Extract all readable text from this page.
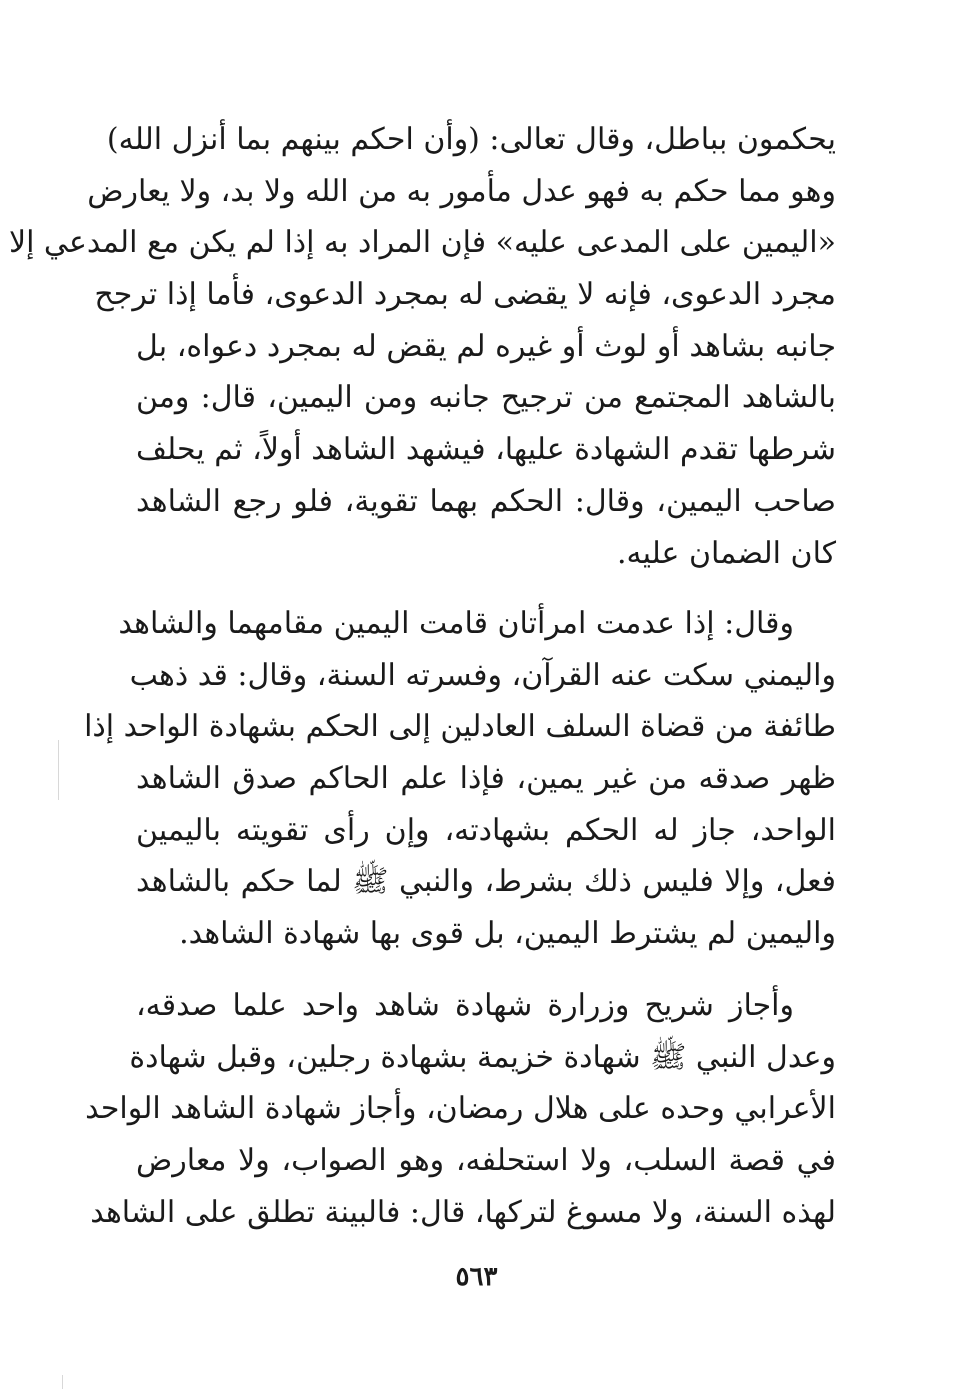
يحكمون بباطل، وقال تعالى: (وأن احكم بينهم بما أنزل الله)
وهو مما حكم به فهو عدل مأمور به من الله ولا بد، ولا يعارض
«اليمين على المدعى عليه» فإن المراد به إذا لم يكن مع المدعي إلا
مجرد الدعوى، فإنه لا يقضى له بمجرد الدعوى، فأما إذا ترجح
جانبه بشاهد أو لوث أو غيره لم يقض له بمجرد دعواه، بل
بالشاهد المجتمع من ترجيح جانبه ومن اليمين، قال: ومن
شرطها تقدم الشهادة عليها، فيشهد الشاهد أولاً، ثم يحلف
صاحب اليمين، وقال: الحكم بهما تقوية، فلو رجع الشاهد
كان الضمان عليه.
وقال: إذا عدمت امرأتان قامت اليمين مقامهما والشاهد
واليمني سكت عنه القرآن، وفسرته السنة، وقال: قد ذهب
طائفة من قضاة السلف العادلين إلى الحكم بشهادة الواحد إذا
ظهر صدقه من غير يمين، فإذا علم الحاكم صدق الشاهد
الواحد، جاز له الحكم بشهادته، وإن رأى تقويته باليمين
فعل، وإلا فليس ذلك بشرط، والنبي ﷺ لما حكم بالشاهد
واليمين لم يشترط اليمين، بل قوى بها شهادة الشاهد.
وأجاز شريح وزرارة شهادة شاهد واحد علما صدقه،
وعدل النبي ﷺ شهادة خزيمة بشهادة رجلين، وقبل شهادة
الأعرابي وحده على هلال رمضان، وأجاز شهادة الشاهد الواحد
في قصة السلب، ولا استحلفه، وهو الصواب، ولا معارض
لهذه السنة، ولا مسوغ لتركها، قال: فالبينة تطلق على الشاهد
٥٦٣
